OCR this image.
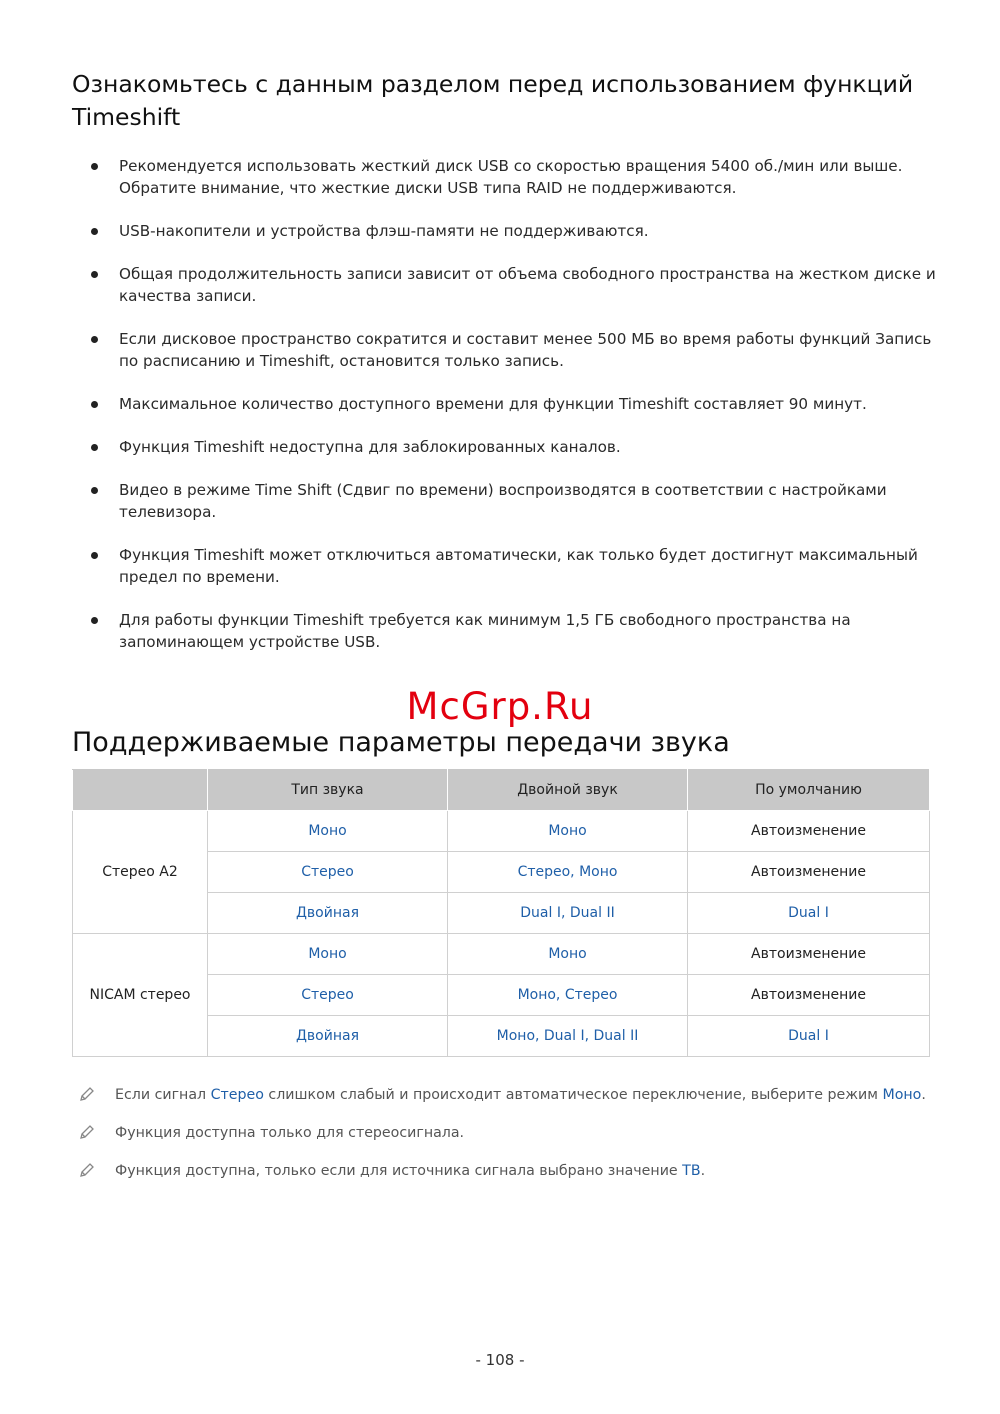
Ознакомьтесь с данным разделом перед использованием функций Timeshift
Рекомендуется использовать жесткий диск USB со скоростью вращения 5400 об./мин или выше. Обратите внимание, что жесткие диски USB типа RAID не поддерживаются.
USB-накопители и устройства флэш-памяти не поддерживаются.
Общая продолжительность записи зависит от объема свободного пространства на жестком диске и качества записи.
Если дисковое пространство сократится и составит менее 500 МБ во время работы функций Запись по расписанию и Timeshift, остановится только запись.
Максимальное количество доступного времени для функции Timeshift составляет 90 минут.
Функция Timeshift недоступна для заблокированных каналов.
Видео в режиме Time Shift (Сдвиг по времени) воспроизводятся в соответствии с настройками телевизора.
Функция Timeshift может отключиться автоматически, как только будет достигнут максимальный предел по времени.
Для работы функции Timeshift требуется как минимум 1,5 ГБ свободного пространства на запоминающем устройстве USB.
McGrp.Ru
Поддерживаемые параметры передачи звука
	Тип звука	Двойной звук	По умолчанию
Стерео А2	Моно	Моно	Автоизменение
	Стерео	Стерео, Моно	Автоизменение
	Двойная	Dual I, Dual II	Dual I
NICAM стерео	Моно	Моно	Автоизменение
	Стерео	Моно, Стерео	Автоизменение
	Двойная	Моно, Dual I, Dual II	Dual I
Если сигнал Стерео слишком слабый и происходит автоматическое переключение, выберите режим Моно.
Функция доступна только для стереосигнала.
Функция доступна, только если для источника сигнала выбрано значение ТВ.
- 108 -
